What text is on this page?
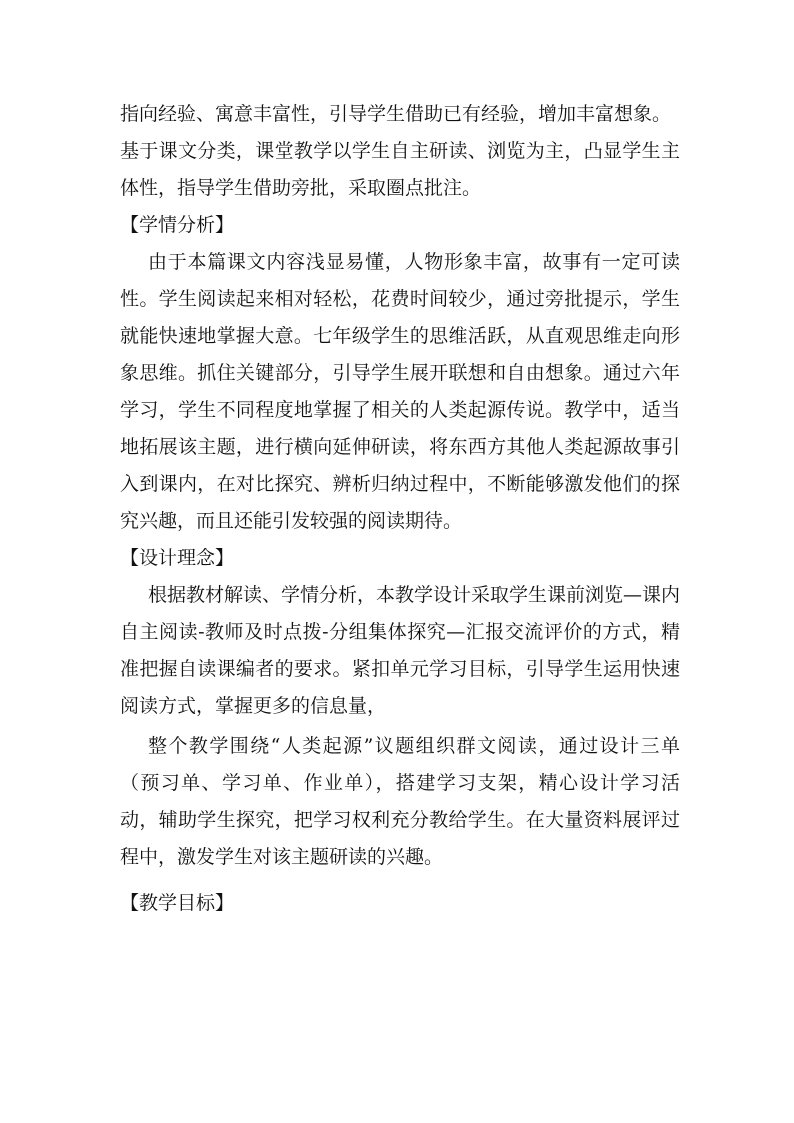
指向经验、寓意丰富性，引导学生借助已有经验，增加丰富想象。

基于课文分类，课堂教学以学生自主研读、浏览为主，凸显学生主体性，指导学生借助旁批，采取圈点批注。

【学情分析】

由于本篇课文内容浅显易懂，人物形象丰富，故事有一定可读性。学生阅读起来相对轻松，花费时间较少，通过旁批提示，学生就能快速地掌握大意。七年级学生的思维活跃，从直观思维走向形象思维。抓住关键部分，引导学生展开联想和自由想象。通过六年学习，学生不同程度地掌握了相关的人类起源传说。教学中，适当地拓展该主题，进行横向延伸研读，将东西方其他人类起源故事引入到课内，在对比探究、辨析归纳过程中，不断能够激发他们的探究兴趣，而且还能引发较强的阅读期待。

【设计理念】

根据教材解读、学情分析，本教学设计采取学生课前浏览—课内自主阅读-教师及时点拨-分组集体探究—汇报交流评价的方式，精准把握自读课编者的要求。紧扣单元学习目标，引导学生运用快速阅读方式，掌握更多的信息量，

整个教学围绕“人类起源”议题组织群文阅读，通过设计三单（预习单、学习单、作业单），搭建学习支架，精心设计学习活动，辅助学生探究，把学习权利充分教给学生。在大量资料展评过程中，激发学生对该主题研读的兴趣。

【教学目标】
